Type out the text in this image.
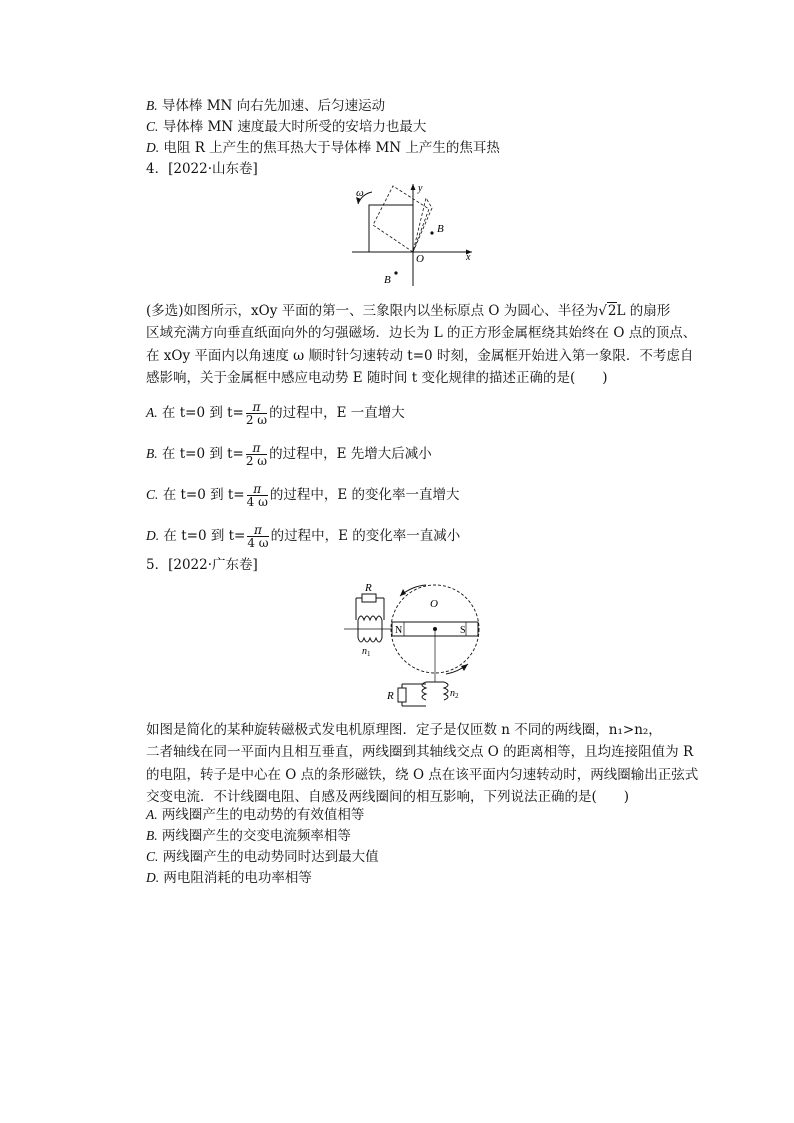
B. 导体棒 MN 向右先加速、后匀速运动
C. 导体棒 MN 速度最大时所受的安培力也最大
D. 电阻 R 上产生的焦耳热大于导体棒 MN 上产生的焦耳热
4．[2022·山东卷]
ω	y
x
O
B
B
(多选)如图所示，xOy 平面的第一、三象限内以坐标原点 O 为圆心、半径为√2L 的扇形
区域充满方向垂直纸面向外的匀强磁场．边长为 L 的正方形金属框绕其始终在 O 点的顶点、
在 xOy 平面内以角速度 ω 顺时针匀速转动 t=0 时刻，金属框开始进入第一象限．不考虑自
感影响，关于金属框中感应电动势 E 随时间 t 变化规律的描述正确的是(　　)
A. 在 t=0 到 $t= \frac{\pi}{2 \omega}$ 的过程中，E 一直增大
B. 在 t=0 到 $t= \frac{\pi}{2 \omega}$ 的过程中，E 先增大后减小
C. 在 t=0 到 $t= \frac{\pi}{4 \omega}$ 的过程中，E 的变化率一直增大
D. 在 t=0 到 $t= \frac{\pi}{4 \omega}$ 的过程中，E 的变化率一直减小
5．[2022·广东卷]
N	S
O
R
$n_1$
R	$n_2$
如图是简化的某种旋转磁极式发电机原理图．定子是仅匝数 n 不同的两线圈，n₁>n₂，
二者轴线在同一平面内且相互垂直，两线圈到其轴线交点 O 的距离相等，且均连接阻值为 R
的电阻，转子是中心在 O 点的条形磁铁，绕 O 点在该平面内匀速转动时，两线圈输出正弦式
交变电流．不计线圈电阻、自感及两线圈间的相互影响，下列说法正确的是(　　)
A. 两线圈产生的电动势的有效值相等
B. 两线圈产生的交变电流频率相等
C. 两线圈产生的电动势同时达到最大值
D. 两电阻消耗的电功率相等
